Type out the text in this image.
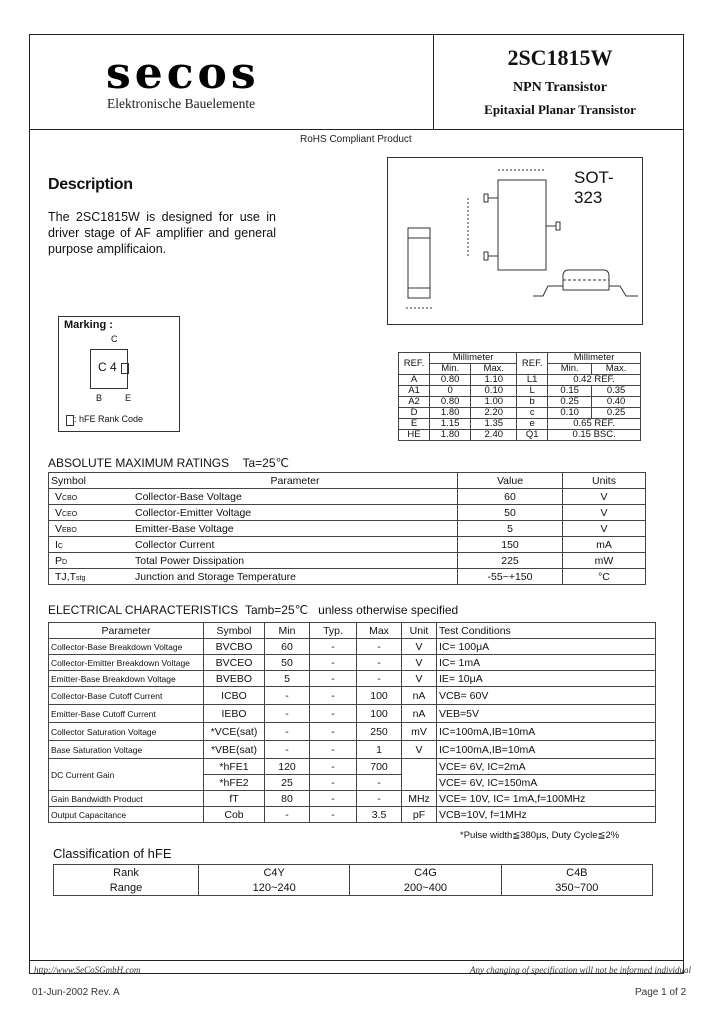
secos
Elektronische Bauelemente
2SC1815W
NPN Transistor
Epitaxial Planar Transistor
RoHS Compliant Product
Description
The 2SC1815W is designed for use in driver stage of AF amplifier and general purpose amplificaion.
SOT-323
REF.	Millimeter		REF.	Millimeter	
	Min.	Max.		Min.	Max.
A	0.80	1.10	L1	0.42 REF.	
A1	0	0.10	L	0.15	0.35
A2	0.80	1.00	b	0.25	0.40
D	1.80	2.20	c	0.10	0.25
E	1.15	1.35	e	0.65 REF.	
HE	1.80	2.40	Q1	0.15 BSC.	
Marking :
C
C 4
B	E
: hFE Rank Code
ABSOLUTE MAXIMUM RATINGS Ta=25℃
Symbol	Parameter	Value	Units
VCBO	Collector-Base Voltage	60	V
VCEO	Collector-Emitter Voltage	50	V
VEBO	Emitter-Base Voltage	5	V
IC	Collector Current	150	mA
PD	Total Power Dissipation	225	mW
TJ,Tstg	Junction and Storage Temperature	-55~+150	°C
ELECTRICAL CHARACTERISTICS Tamb=25℃ unless otherwise specified
Parameter	Symbol	Min	Typ.	Max	Unit	Test Conditions
Collector-Base Breakdown Voltage	BVCBO	60	-	-	V	IC= 100μA
Collector-Emitter Breakdown Voltage	BVCEO	50	-	-	V	IC= 1mA
Emitter-Base Breakdown Voltage	BVEBO	5	-	-	V	IE= 10μA
Collector-Base Cutoff Current	ICBO	-	-	100	nA	VCB= 60V
Emitter-Base Cutoff Current	IEBO	-	-	100	nA	VEB=5V
Collector Saturation Voltage	*VCE(sat)	-	-	250	mV	IC=100mA,IB=10mA
Base Saturation Voltage	*VBE(sat)	-	-	1	V	IC=100mA,IB=10mA
DC Current Gain	*hFE1	120	-	700		VCE= 6V, IC=2mA
	*hFE2	25	-	-		VCE= 6V, IC=150mA
Gain Bandwidth Product	fT	80	-	-	MHz	VCE= 10V, IC= 1mA,f=100MHz
Output Capacitance	Cob	-	-	3.5	pF	VCB=10V, f=1MHz
*Pulse width≦380μs, Duty Cycle≦2%
Classification of hFE
Rank	C4Y	C4G	C4B
Range	120~240	200~400	350~700
http://www.SeCoSGmbH.com	Any changing of specification will not be informed individual
01-Jun-2002 Rev. A	Page 1 of 2
